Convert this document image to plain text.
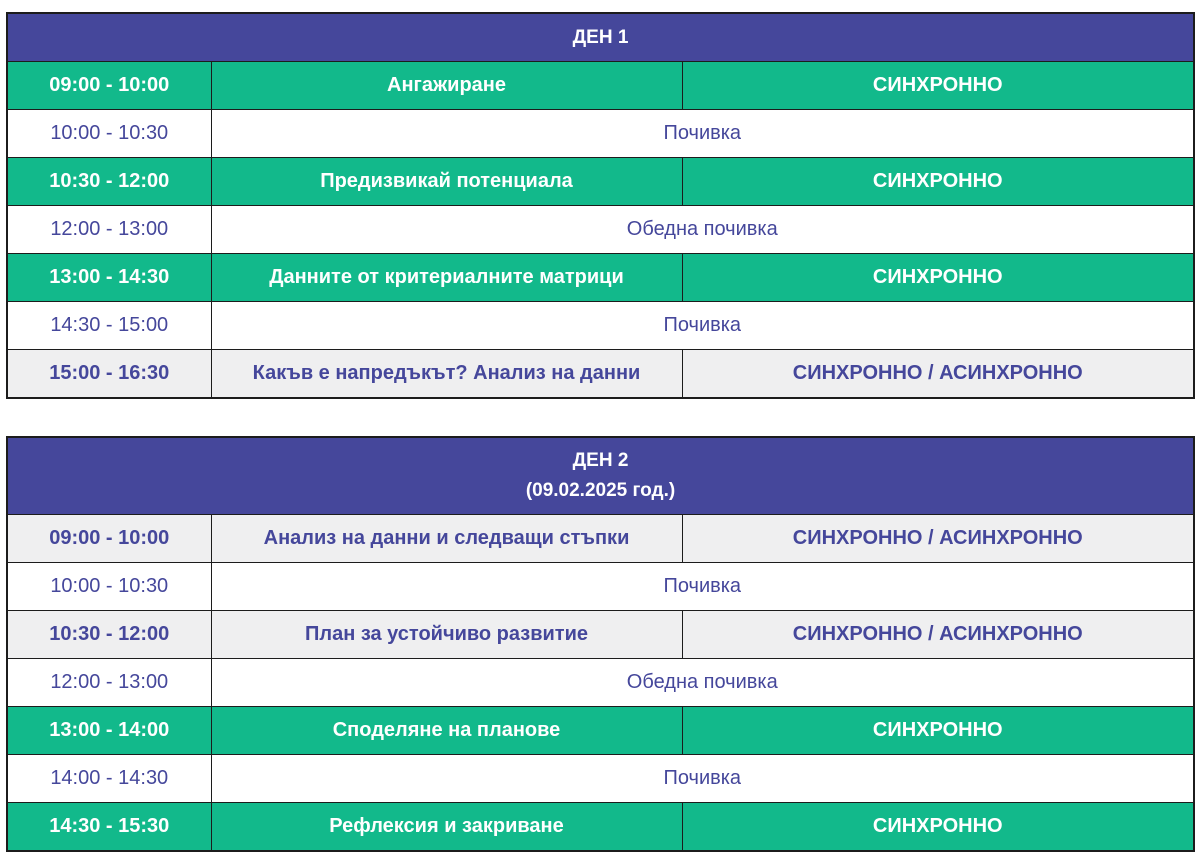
ДЕН 1		

09:00 - 10:00	Ангажиране	СИНХРОННО
10:00 - 10:30	Почивка	
10:30 - 12:00	Предизвикай потенциала	СИНХРОННО
12:00 - 13:00	Обедна почивка	
13:00 - 14:30	Данните от критериалните матрици	СИНХРОННО
14:30 - 15:00	Почивка	
15:00 - 16:30	Какъв е напредъкът? Анализ на данни	СИНХРОННО / АСИНХРОННО
ДЕН 2
(09.02.2025 год.)		

09:00 - 10:00	Анализ на данни и следващи стъпки	СИНХРОННО / АСИНХРОННО
10:00 - 10:30	Почивка	
10:30 - 12:00	План за устойчиво развитие	СИНХРОННО / АСИНХРОННО
12:00 - 13:00	Обедна почивка	
13:00 - 14:00	Споделяне на планове	СИНХРОННО
14:00 - 14:30	Почивка	
14:30 - 15:30	Рефлексия и закриване	СИНХРОННО
